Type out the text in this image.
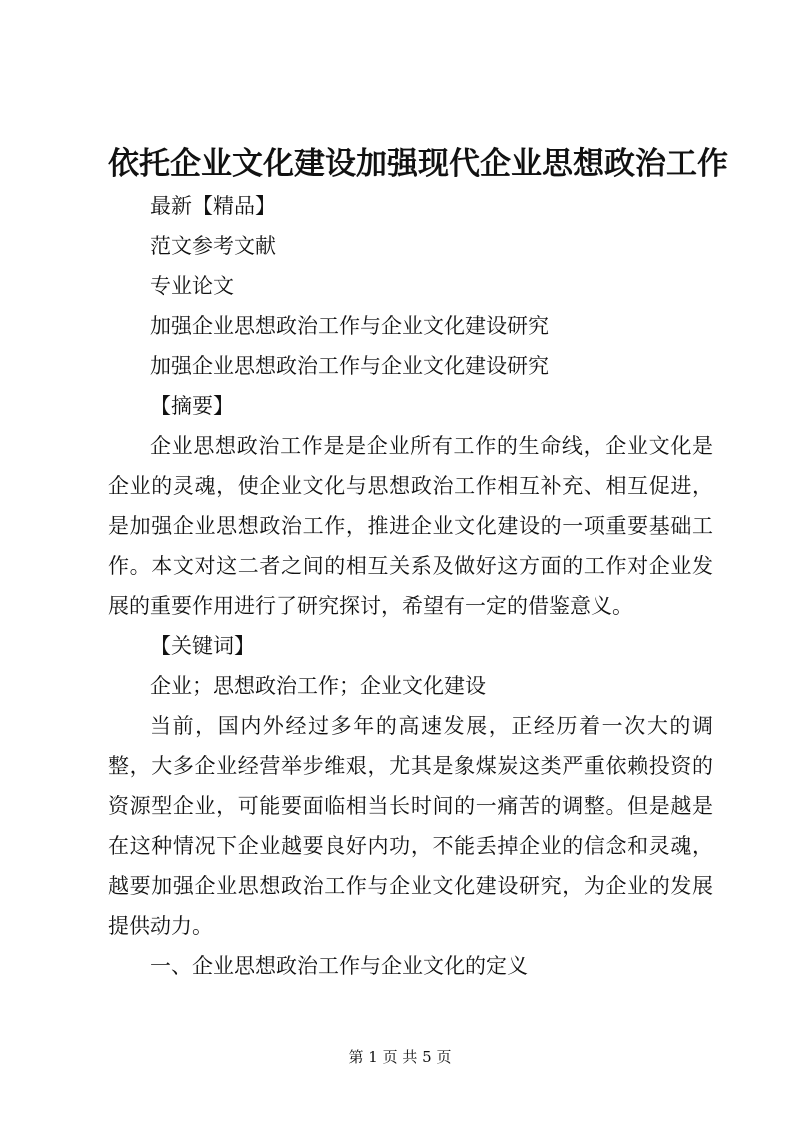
依托企业文化建设加强现代企业思想政治工作

最新【精品】

范文参考文献

专业论文

加强企业思想政治工作与企业文化建设研究

加强企业思想政治工作与企业文化建设研究

【摘要】

企业思想政治工作是是企业所有工作的生命线，企业文化是企业的灵魂，使企业文化与思想政治工作相互补充、相互促进，是加强企业思想政治工作，推进企业文化建设的一项重要基础工作。本文对这二者之间的相互关系及做好这方面的工作对企业发展的重要作用进行了研究探讨，希望有一定的借鉴意义。

【关键词】

企业；思想政治工作；企业文化建设

当前，国内外经过多年的高速发展，正经历着一次大的调整，大多企业经营举步维艰，尤其是象煤炭这类严重依赖投资的资源型企业，可能要面临相当长时间的一痛苦的调整。但是越是在这种情况下企业越要良好内功，不能丢掉企业的信念和灵魂，越要加强企业思想政治工作与企业文化建设研究，为企业的发展提供动力。

一、企业思想政治工作与企业文化的定义

第 1 页 共 5 页
